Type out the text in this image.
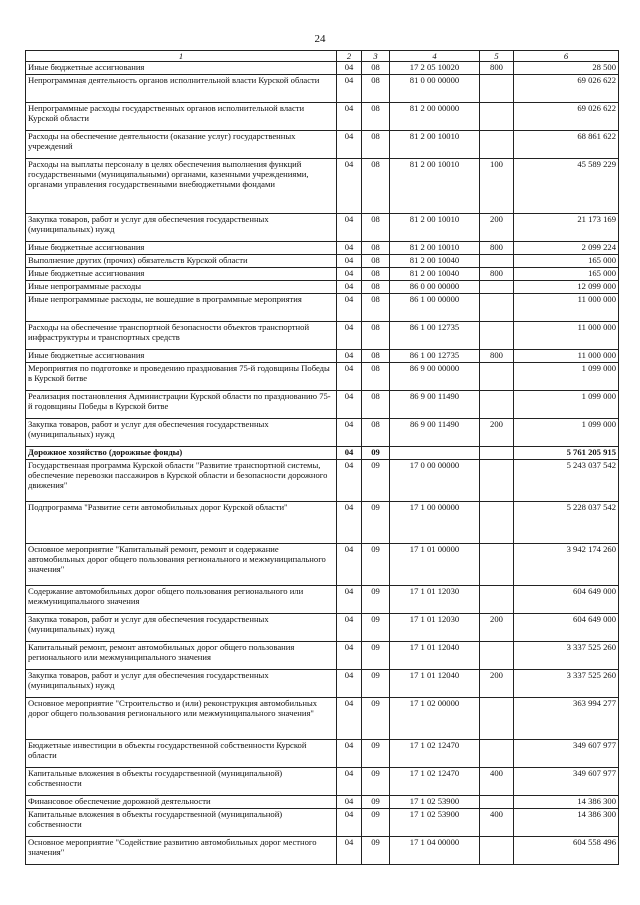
24
1	2	3	4	5	6
Иные бюджетные ассигнования	04	08	17 2 05 10020	800	28 500
Непрограммная деятельность органов исполнительной власти Курской области	04	08	81 0 00 00000		69 026 622
Непрограммные расходы государственных органов исполнительной власти Курской области	04	08	81 2 00 00000		69 026 622
Расходы на обеспечение деятельности (оказание услуг) государственных учреждений	04	08	81 2 00 10010		68 861 622
Расходы на выплаты персоналу в целях обеспечения выполнения функций государственными (муниципальными) органами, казенными учреждениями, органами управления государственными внебюджетными фондами	04	08	81 2 00 10010	100	45 589 229
Закупка товаров, работ и услуг для обеспечения государственных (муниципальных) нужд	04	08	81 2 00 10010	200	21 173 169
Иные бюджетные ассигнования	04	08	81 2 00 10010	800	2 099 224
Выполнение других (прочих) обязательств Курской области	04	08	81 2 00 10040		165 000
Иные бюджетные ассигнования	04	08	81 2 00 10040	800	165 000
Иные непрограммные расходы	04	08	86 0 00 00000		12 099 000
Иные непрограммные расходы, не вошедшие в программные мероприятия	04	08	86 1 00 00000		11 000 000
Расходы на обеспечение транспортной безопасности объектов транспортной инфраструктуры и транспортных средств	04	08	86 1 00 12735		11 000 000
Иные бюджетные ассигнования	04	08	86 1 00 12735	800	11 000 000
Мероприятия по подготовке и проведению празднования 75-й годовщины Победы в Курской битве	04	08	86 9 00 00000		1 099 000
Реализация постановления Администрации Курской области по празднованию 75-й годовщины Победы в Курской битве	04	08	86 9 00 11490		1 099 000
Закупка товаров, работ и услуг для обеспечения государственных (муниципальных) нужд	04	08	86 9 00 11490	200	1 099 000
Дорожное хозяйство (дорожные фонды)	04	09			5 761 205 915
Государственная программа Курской области "Развитие транспортной системы, обеспечение перевозки пассажиров в Курской области и безопасности дорожного движения"	04	09	17 0 00 00000		5 243 037 542
Подпрограмма "Развитие сети автомобильных дорог Курской области"	04	09	17 1 00 00000		5 228 037 542
Основное мероприятие "Капитальный ремонт, ремонт и содержание автомобильных дорог общего пользования регионального и межмуниципального значения"	04	09	17 1 01 00000		3 942 174 260
Содержание автомобильных дорог общего пользования регионального или межмуниципального значения	04	09	17 1 01 12030		604 649 000
Закупка товаров, работ и услуг для обеспечения государственных (муниципальных) нужд	04	09	17 1 01 12030	200	604 649 000
Капитальный ремонт, ремонт автомобильных дорог общего пользования регионального или межмуниципального значения	04	09	17 1 01 12040		3 337 525 260
Закупка товаров, работ и услуг для обеспечения государственных (муниципальных) нужд	04	09	17 1 01 12040	200	3 337 525 260
Основное мероприятие "Строительство и (или) реконструкция автомобильных дорог общего пользования регионального или межмуниципального значения"	04	09	17 1 02 00000		363 994 277
Бюджетные инвестиции в объекты государственной собственности Курской области	04	09	17 1 02 12470		349 607 977
Капитальные вложения в объекты государственной (муниципальной) собственности	04	09	17 1 02 12470	400	349 607 977
Финансовое обеспечение дорожной деятельности	04	09	17 1 02 53900		14 386 300
Капитальные вложения в объекты государственной (муниципальной) собственности	04	09	17 1 02 53900	400	14 386 300
Основное мероприятие "Содействие развитию автомобильных дорог местного значения"	04	09	17 1 04 00000		604 558 496
